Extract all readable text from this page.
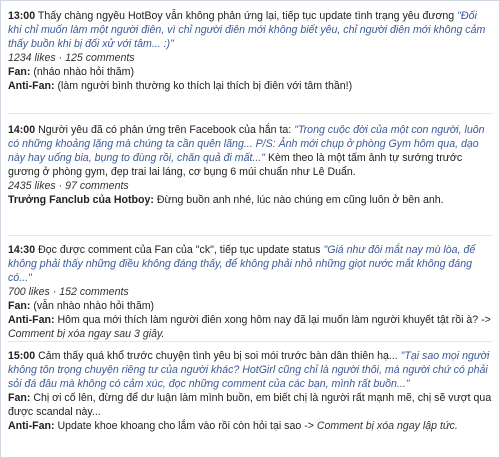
13:00 Thấy chàng ngyêu HotBoy vẫn không phản ứng lại, tiếp tục update tình trạng yêu đương "Đối khi chỉ muốn làm một người điên, vì chỉ người điên mới không biết yêu, chỉ người điên mới không cảm thấy buồn khi bị đối xử với tâm... :)"

1234 likes · 125 comments

Fan: (nháo nhào hỏi thăm)

Anti-Fan: (làm người bình thường ko thích lại thích bị điên với tâm thần!)

14:00 Người yêu đã có phản ứng trên Facebook của hắn ta: "Trong cuộc đời của một con người, luôn có những khoảng lặng mà chúng ta cần quên lãng... P/S: Ảnh mới chụp ở phòng Gym hôm qua, dạo này hay uống bia, bụng to đùng rồi, chăn quả đi mất..." Kèm theo là một tấm ảnh tự sướng trước gương ở phòng gym, đẹp trai lai láng, cơ bụng 6 múi chuẩn như Lê Duẩn.

2435 likes · 97 comments

Trưởng Fanclub của Hotboy: Đừng buồn anh nhé, lúc nào chúng em cũng luôn ở bên anh.

14:30 Đọc được comment của Fan của "ck", tiếp tục update status "Giá như đôi mắt nay mù lòa, để không phải thấy những điều không đáng thấy, để không phải nhỏ những giọt nước mắt không đáng có..."

700 likes · 152 comments

Fan: (vẫn nhào nhào hỏi thăm)

Anti-Fan: Hôm qua mới thích làm người điên xong hôm nay đã lại muốn làm người khuyết tật rồi à? -> Comment bị xóa ngay sau 3 giây.

15:00 Cảm thấy quá khổ trước chuyện tình yêu bị soi mói trước bàn dân thiên hạ... "Tại sao mọi người không tôn trọng chuyện riêng tư của người khác? HotGirl cũng chỉ là người thôi, mà người chứ có phải sỏi đá đâu mà không có cảm xúc, đọc những comment của các bạn, mình rất buồn..."

Fan: Chị ơi cố lên, đừng để dư luận làm mình buồn, em biết chị là người rất mạnh mẽ, chị sẽ vượt qua được scandal này...

Anti-Fan: Update khoe khoang cho lắm vào rồi còn hỏi tại sao -> Comment bị xóa ngay lập tức.
